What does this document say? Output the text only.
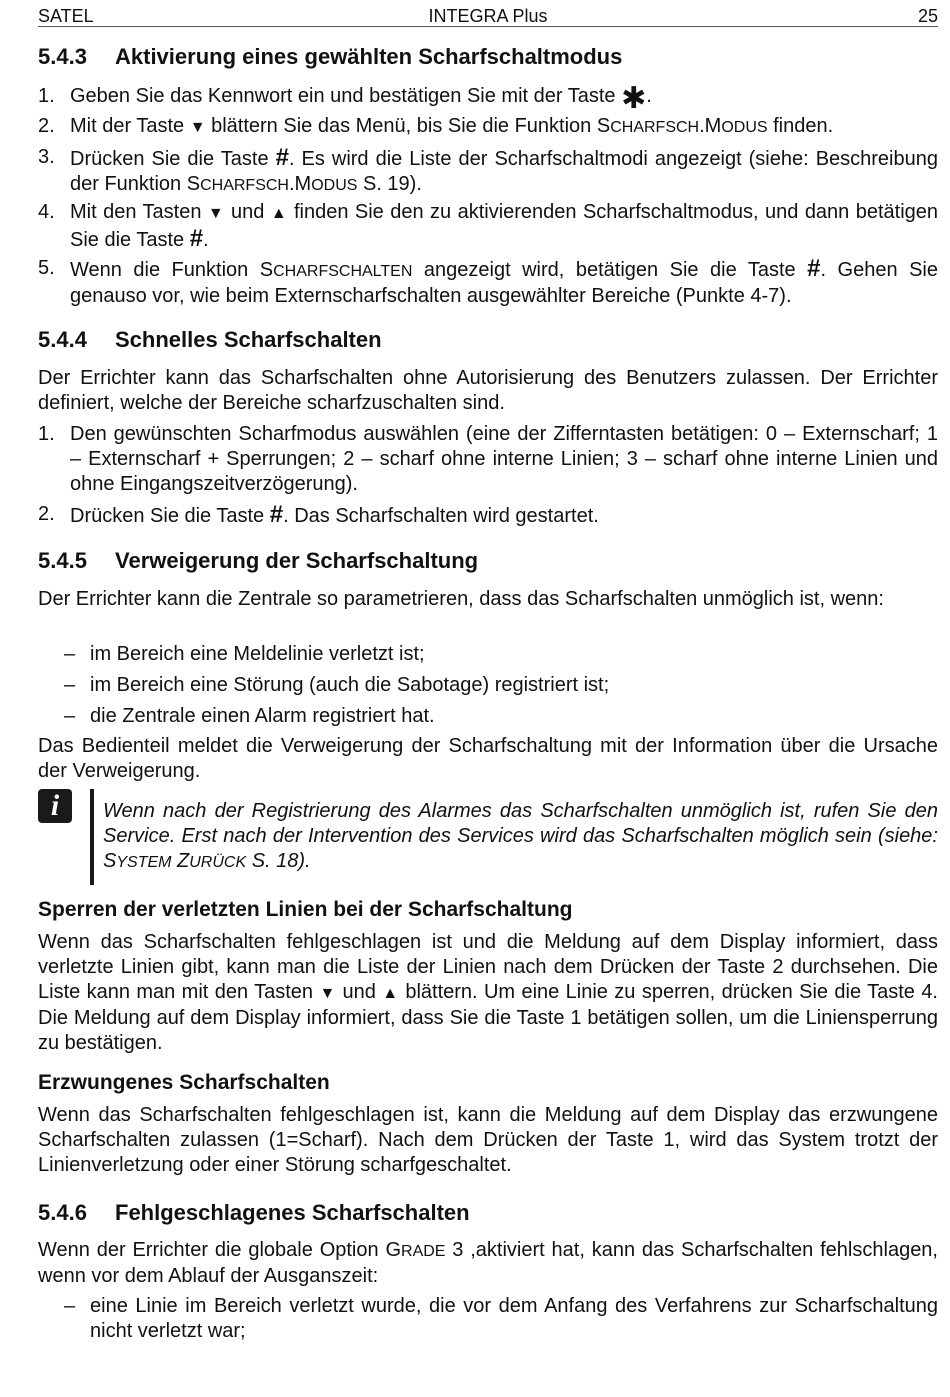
SATEL	INTEGRA Plus	25
5.4.3 Aktivierung eines gewählten Scharfschaltmodus
1. Geben Sie das Kennwort ein und bestätigen Sie mit der Taste ✱.
2. Mit der Taste ▼ blättern Sie das Menü, bis Sie die Funktion SCHARFSCH.MODUS finden.
3. Drücken Sie die Taste #. Es wird die Liste der Scharfschaltmodi angezeigt (siehe: Beschreibung der Funktion SCHARFSCH.MODUS S. 19).
4. Mit den Tasten ▼ und ▲ finden Sie den zu aktivierenden Scharfschaltmodus, und dann betätigen Sie die Taste #.
5. Wenn die Funktion SCHARFSCHALTEN angezeigt wird, betätigen Sie die Taste #. Gehen Sie genauso vor, wie beim Externscharfschalten ausgewählter Bereiche (Punkte 4-7).
5.4.4 Schnelles Scharfschalten
Der Errichter kann das Scharfschalten ohne Autorisierung des Benutzers zulassen. Der Errichter definiert, welche der Bereiche scharfzuschalten sind.
1. Den gewünschten Scharfmodus auswählen (eine der Zifferntasten betätigen: 0 – Externscharf; 1 – Externscharf + Sperrungen; 2 – scharf ohne interne Linien; 3 – scharf ohne interne Linien und ohne Eingangszeitverzögerung).
2. Drücken Sie die Taste #. Das Scharfschalten wird gestartet.
5.4.5 Verweigerung der Scharfschaltung
Der Errichter kann die Zentrale so parametrieren, dass das Scharfschalten unmöglich ist, wenn:
– im Bereich eine Meldelinie verletzt ist;
– im Bereich eine Störung (auch die Sabotage) registriert ist;
– die Zentrale einen Alarm registriert hat.
Das Bedienteil meldet die Verweigerung der Scharfschaltung mit der Information über die Ursache der Verweigerung.
i	Wenn nach der Registrierung des Alarmes das Scharfschalten unmöglich ist, rufen Sie den Service. Erst nach der Intervention des Services wird das Scharfschalten möglich sein (siehe: SYSTEM ZURÜCK S. 18).
Sperren der verletzten Linien bei der Scharfschaltung
Wenn das Scharfschalten fehlgeschlagen ist und die Meldung auf dem Display informiert, dass verletzte Linien gibt, kann man die Liste der Linien nach dem Drücken der Taste 2 durchsehen. Die Liste kann man mit den Tasten ▼ und ▲ blättern. Um eine Linie zu sperren, drücken Sie die Taste 4. Die Meldung auf dem Display informiert, dass Sie die Taste 1 betätigen sollen, um die Liniensperrung zu bestätigen.
Erzwungenes Scharfschalten
Wenn das Scharfschalten fehlgeschlagen ist, kann die Meldung auf dem Display das erzwungene Scharfschalten zulassen (1=Scharf). Nach dem Drücken der Taste 1, wird das System trotzt der Linienverletzung oder einer Störung scharfgeschaltet.
5.4.6 Fehlgeschlagenes Scharfschalten
Wenn der Errichter die globale Option GRADE 3 ,aktiviert hat, kann das Scharfschalten fehlschlagen, wenn vor dem Ablauf der Ausganszeit:
– eine Linie im Bereich verletzt wurde, die vor dem Anfang des Verfahrens zur Scharfschaltung nicht verletzt war;
